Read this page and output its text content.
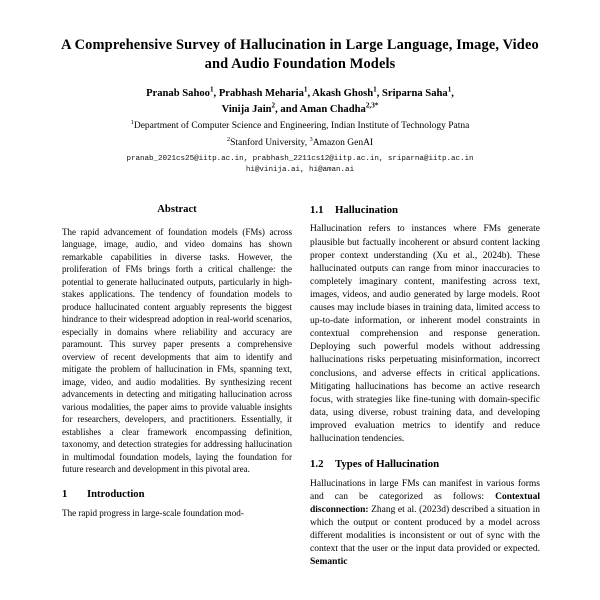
A Comprehensive Survey of Hallucination in Large Language, Image, Video and Audio Foundation Models
Pranab Sahoo$^1$, Prabhash Meharia$^1$, Akash Ghosh$^1$, Sriparna Saha$^1$,
Vinija Jain$^2$, and Aman Chadha$^{2,3*}$
$^1$Department of Computer Science and Engineering, Indian Institute of Technology Patna
$^2$Stanford University, $^3$Amazon GenAI
pranab_2021cs25@iitp.ac.in, prabhash_2211cs12@iitp.ac.in, sriparna@iitp.ac.in
hi@vinija.ai, hi@aman.ai
Abstract

The rapid advancement of foundation models (FMs) across language, image, audio, and video domains has shown remarkable capabilities in diverse tasks. However, the proliferation of FMs brings forth a critical challenge: the potential to generate hallucinated outputs, particularly in high-stakes applications. The tendency of foundation models to produce hallucinated content arguably represents the biggest hindrance to their widespread adoption in real-world scenarios, especially in domains where reliability and accuracy are paramount. This survey paper presents a comprehensive overview of recent developments that aim to identify and mitigate the problem of hallucination in FMs, spanning text, image, video, and audio modalities. By synthesizing recent advancements in detecting and mitigating hallucination across various modalities, the paper aims to provide valuable insights for researchers, developers, and practitioners. Essentially, it establishes a clear framework encompassing definition, taxonomy, and detection strategies for addressing hallucination in multimodal foundation models, laying the foundation for future research and development in this pivotal area.

1	Introduction

The rapid progress in large-scale foundation mod-

1.1 Hallucination

Hallucination refers to instances where FMs generate plausible but factually incoherent or absurd content lacking proper context understanding (Xu et al., 2024b). These hallucinated outputs can range from minor inaccuracies to completely imaginary content, manifesting across text, images, videos, and audio generated by large models. Root causes may include biases in training data, limited access to up-to-date information, or inherent model constraints in contextual comprehension and response generation. Deploying such powerful models without addressing hallucinations risks perpetuating misinformation, incorrect conclusions, and adverse effects in critical applications. Mitigating hallucinations has become an active research focus, with strategies like fine-tuning with domain-specific data, using diverse, robust training data, and developing improved evaluation metrics to identify and reduce hallucination tendencies.

1.2 Types of Hallucination

Hallucinations in large FMs can manifest in various forms and can be categorized as follows: Contextual disconnection: Zhang et al. (2023d) described a situation in which the output or content produced by a model across different modalities is inconsistent or out of sync with the context that the user or the input data provided or expected. Semantic
